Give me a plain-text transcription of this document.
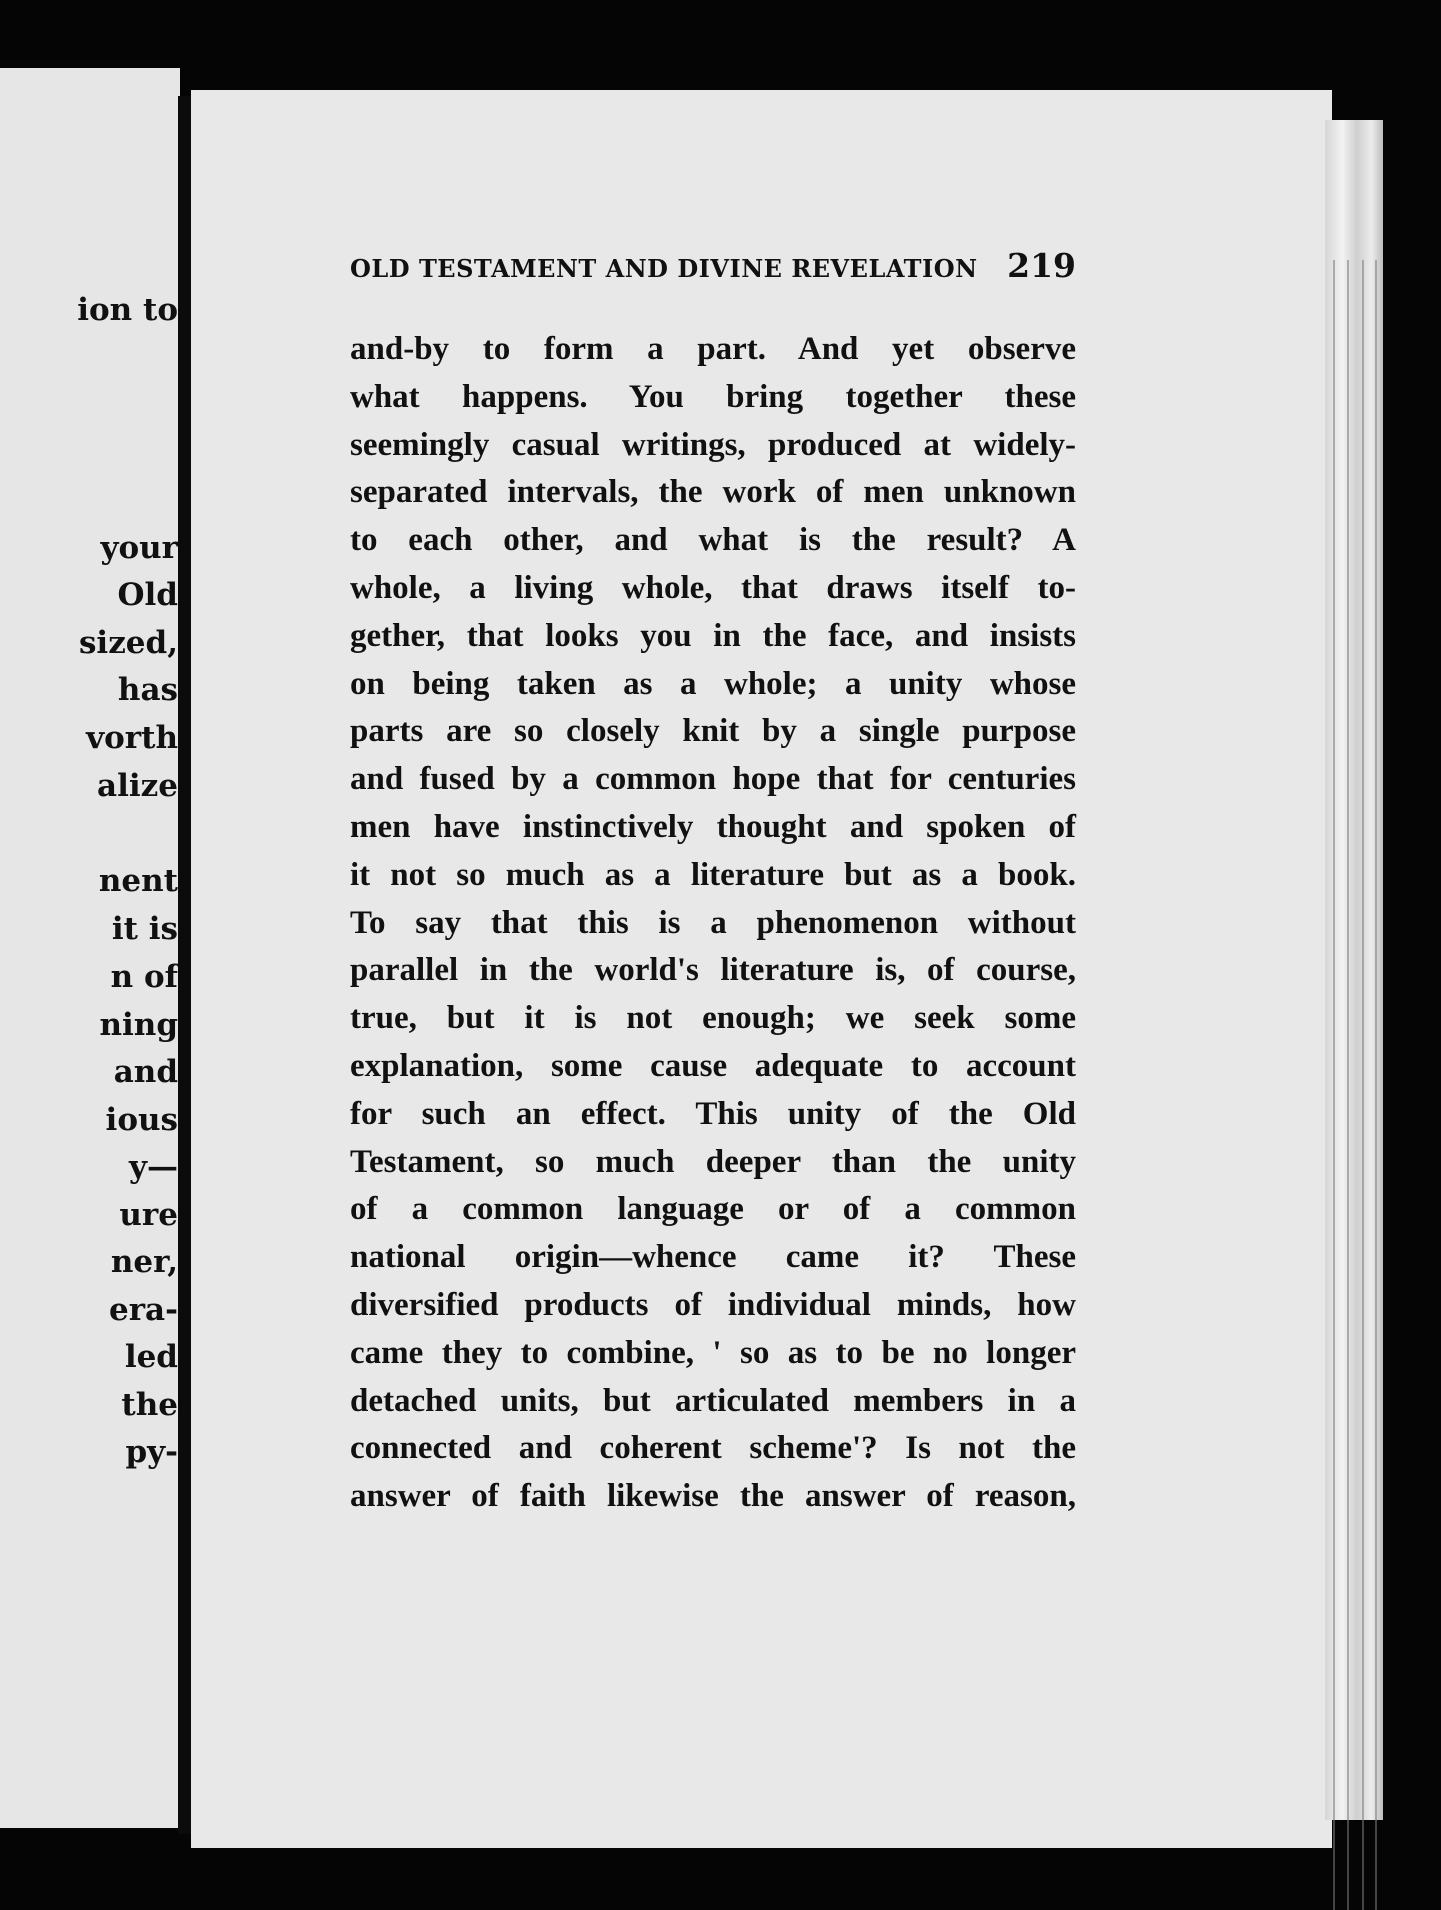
ion to

your

Old

sized,

has

vorth

alize

nent

it is

n of

ning

and

ious

y—

ure

ner,

era-

led

the

py-

OLD TESTAMENT AND DIVINE REVELATION 219
and-by to form a part. And yet observe
what happens. You bring together these
seemingly casual writings, produced at widely-
separated intervals, the work of men unknown
to each other, and what is the result? A
whole, a living whole, that draws itself to-
gether, that looks you in the face, and insists
on being taken as a whole; a unity whose
parts are so closely knit by a single purpose
and fused by a common hope that for centuries
men have instinctively thought and spoken of
it not so much as a literature but as a book.
To say that this is a phenomenon without
parallel in the world's literature is, of course,
true, but it is not enough; we seek some
explanation, some cause adequate to account
for such an effect. This unity of the Old
Testament, so much deeper than the unity
of a common language or of a common
national origin—whence came it? These
diversified products of individual minds, how
came they to combine, ' so as to be no longer
detached units, but articulated members in a
connected and coherent scheme'? Is not the
answer of faith likewise the answer of reason,
